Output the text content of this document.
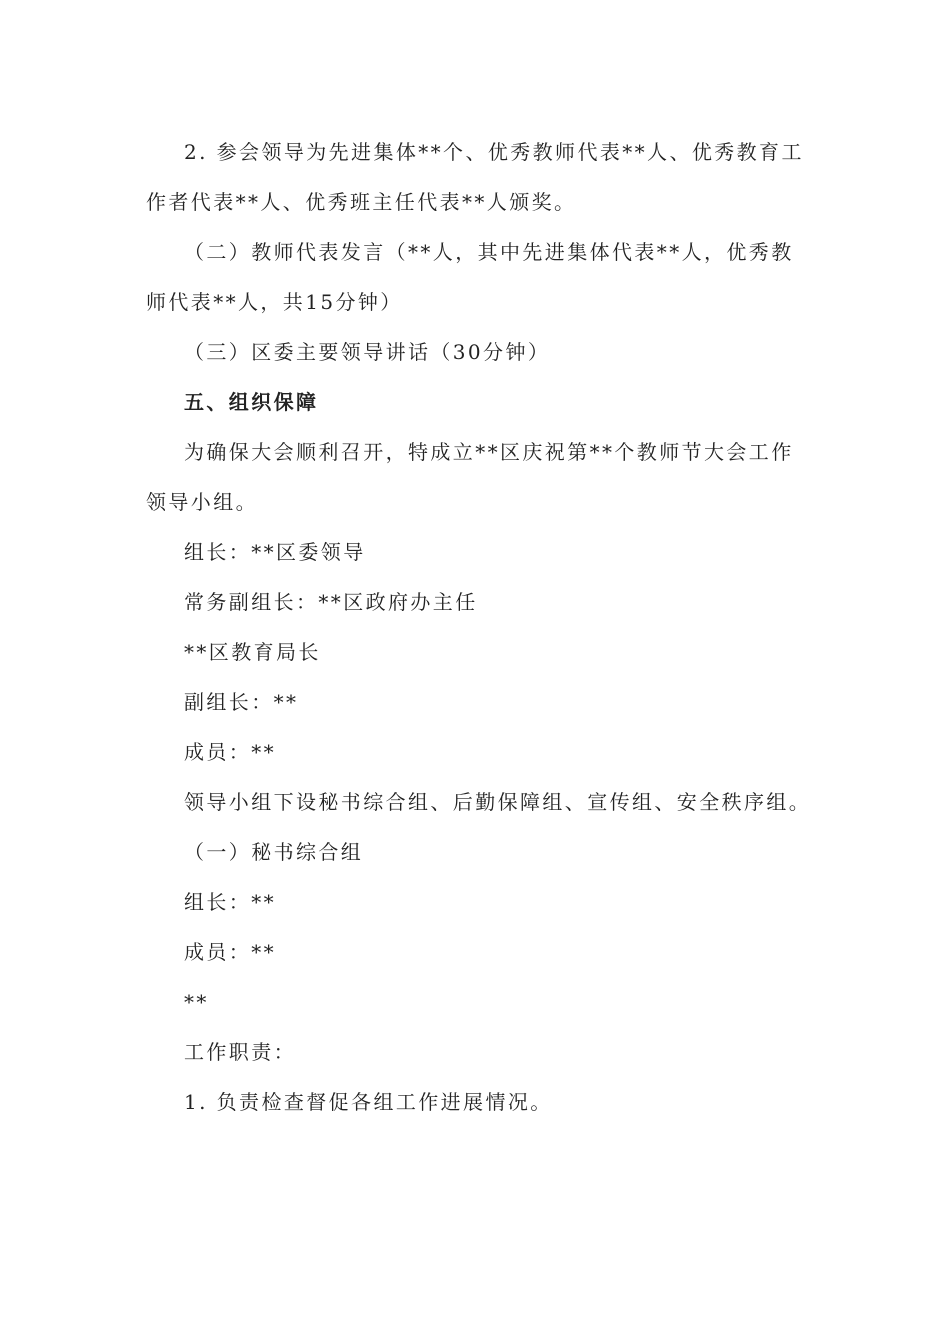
2. 参会领导为先进集体**个、优秀教师代表**人、优秀教育工
作者代表**人、优秀班主任代表**人颁奖。
（二）教师代表发言（**人，其中先进集体代表**人，优秀教
师代表**人，共15分钟）
（三）区委主要领导讲话（30分钟）
五、组织保障
为确保大会顺利召开，特成立**区庆祝第**个教师节大会工作
领导小组。
组长：**区委领导
常务副组长：**区政府办主任
**区教育局长
副组长：**
成员：**
领导小组下设秘书综合组、后勤保障组、宣传组、安全秩序组。
（一）秘书综合组
组长：**
成员：**
**
工作职责：
1. 负责检查督促各组工作进展情况。
